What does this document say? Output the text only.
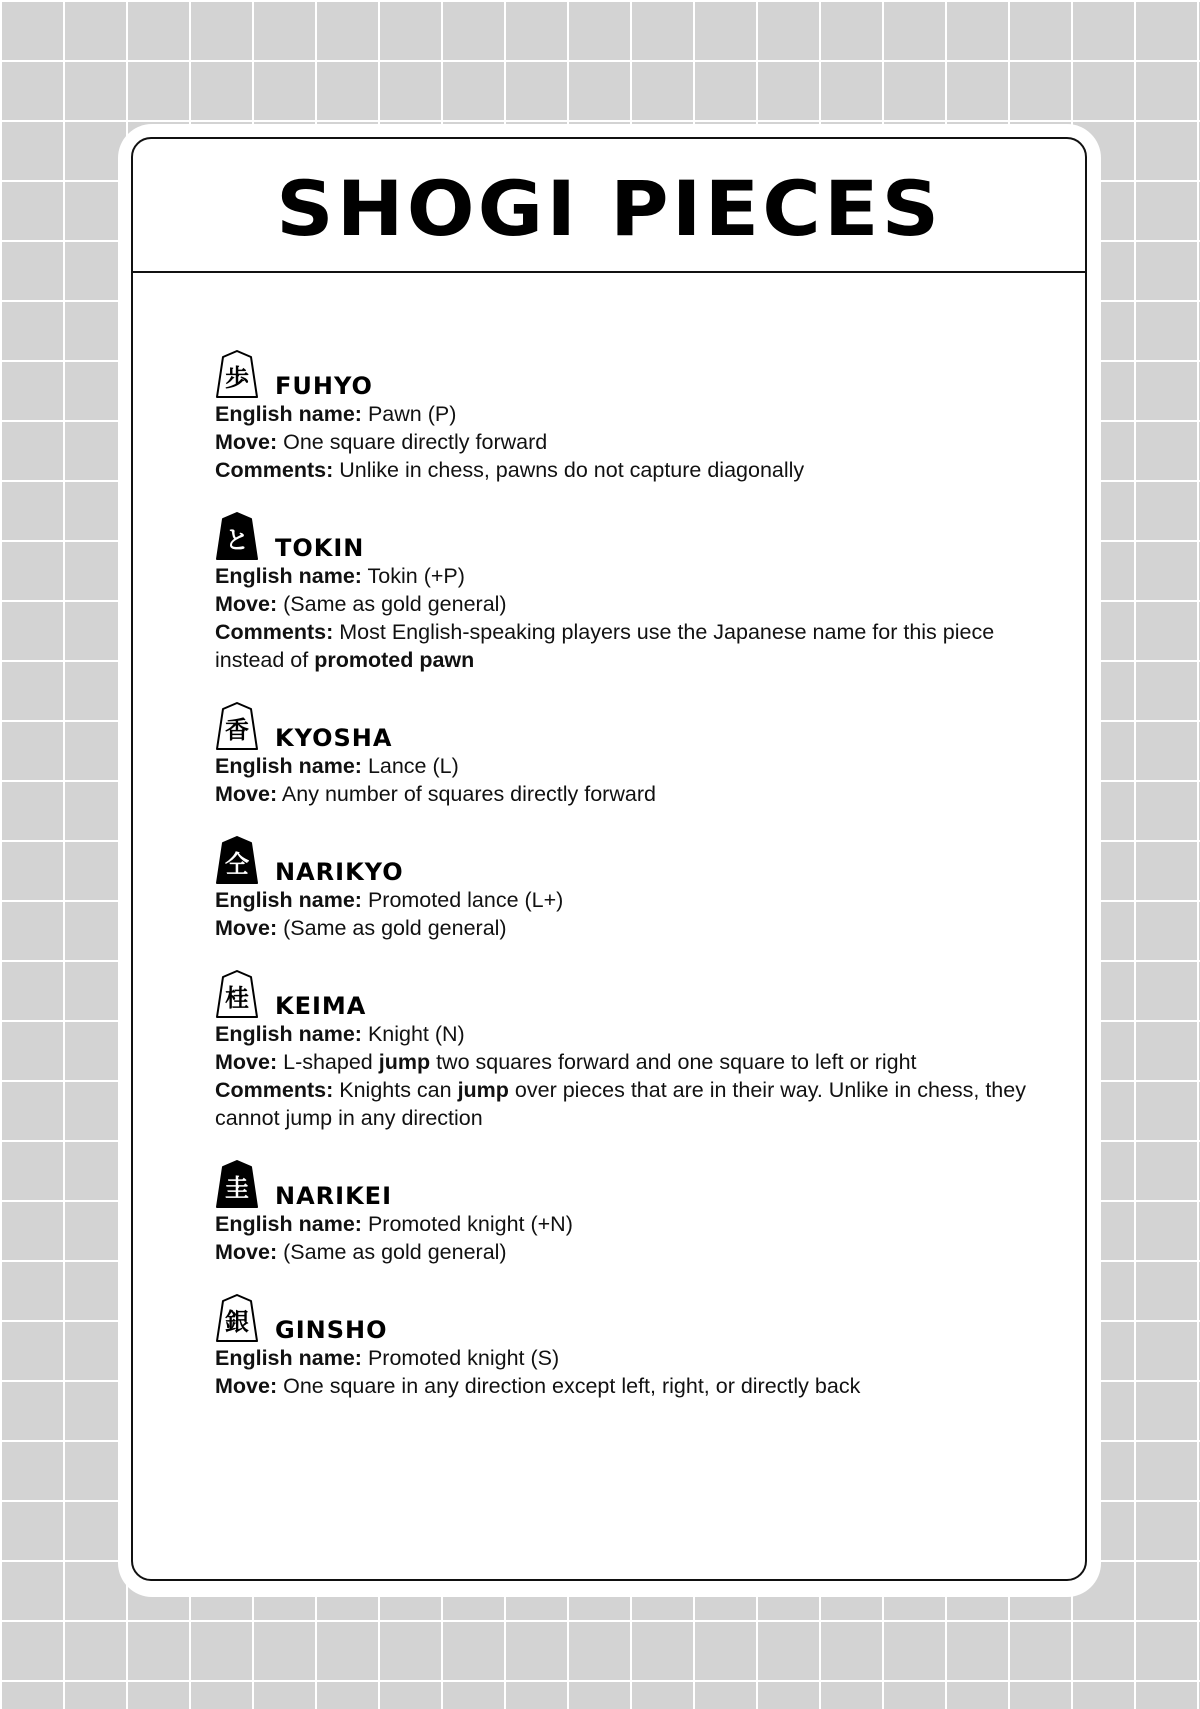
SHOGI PIECES
歩 FUHYO
English name: Pawn (P)
Move: One square directly forward
Comments: Unlike in chess, pawns do not capture diagonally
と TOKIN
English name: Tokin (+P)
Move: (Same as gold general)
Comments: Most English-speaking players use the Japanese name for this piece instead of promoted pawn
香 KYOSHA
English name: Lance (L)
Move: Any number of squares directly forward
仝 NARIKYO
English name: Promoted lance (L+)
Move: (Same as gold general)
桂 KEIMA
English name: Knight (N)
Move: L-shaped jump two squares forward and one square to left or right
Comments: Knights can jump over pieces that are in their way. Unlike in chess, they cannot jump in any direction
圭 NARIKEI
English name: Promoted knight (+N)
Move: (Same as gold general)
銀 GINSHO
English name: Promoted knight (S)
Move: One square in any direction except left, right, or directly back
